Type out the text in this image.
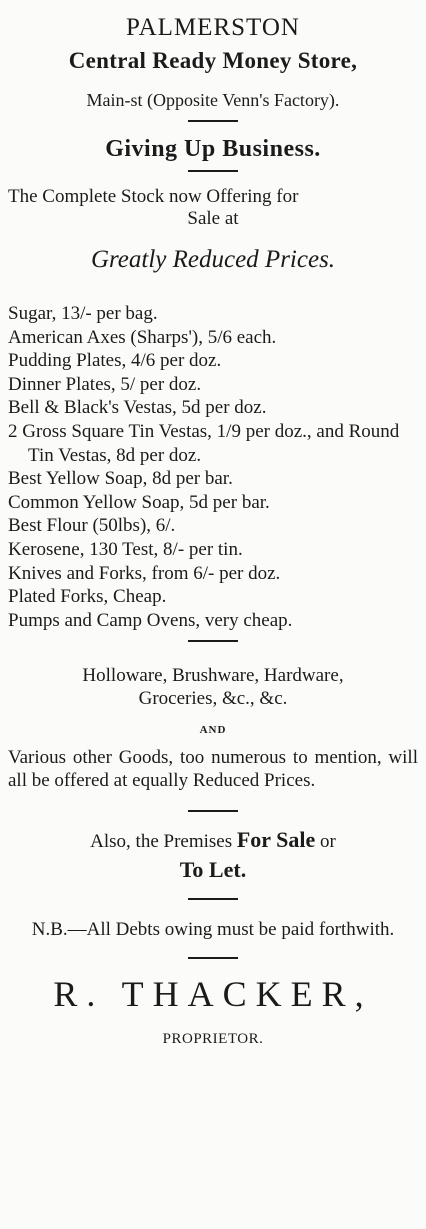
PALMERSTON
Central Ready Money Store,
Main-st (Opposite Venn's Factory).
Giving Up Business.
The Complete Stock now Offering for
Sale at
Greatly Reduced Prices.
Sugar, 13/- per bag.
American Axes (Sharps'), 5/6 each.
Pudding Plates, 4/6 per doz.
Dinner Plates, 5/ per doz.
Bell & Black's Vestas, 5d per doz.
2 Gross Square Tin Vestas, 1/9 per doz., and Round Tin Vestas, 8d per doz.
Best Yellow Soap, 8d per bar.
Common Yellow Soap, 5d per bar.
Best Flour (50lbs), 6/.
Kerosene, 130 Test, 8/- per tin.
Knives and Forks, from 6/- per doz.
Plated Forks, Cheap.
Pumps and Camp Ovens, very cheap.
Holloware, Brushware, Hardware,
Groceries, &c., &c.
AND
Various other Goods, too numerous to mention, will all be offered at equally Reduced Prices.
Also, the Premises For Sale or
To Let.
N.B.—All Debts owing must be paid forthwith.
R. THACKER,
PROPRIETOR.
